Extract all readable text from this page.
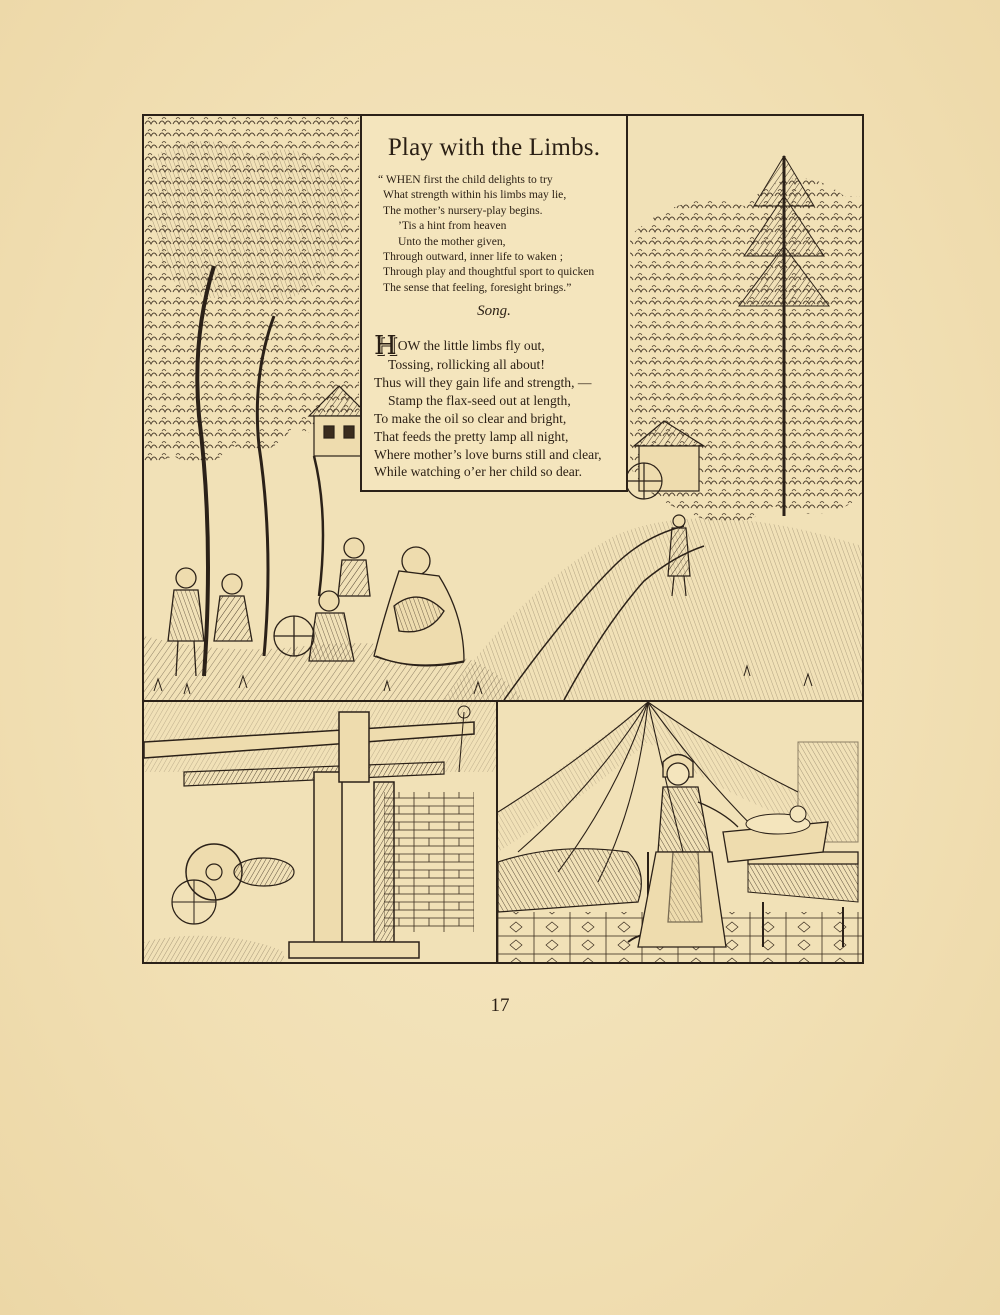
Play with the Limbs.
“ WHEN first the child delights to try
What strength within his limbs may lie,
The mother’s nursery-play begins.
’Tis a hint from heaven
Unto the mother given,
Through outward, inner life to waken ;
Through play and thoughtful sport to quicken
The sense that feeling, foresight brings.”
Song.
HOW the little limbs fly out,
Tossing, rollicking all about!
Thus will they gain life and strength, —
Stamp the flax-seed out at length,
To make the oil so clear and bright,
That feeds the pretty lamp all night,
Where mother’s love burns still and clear,
While watching o’er her child so dear.
17
